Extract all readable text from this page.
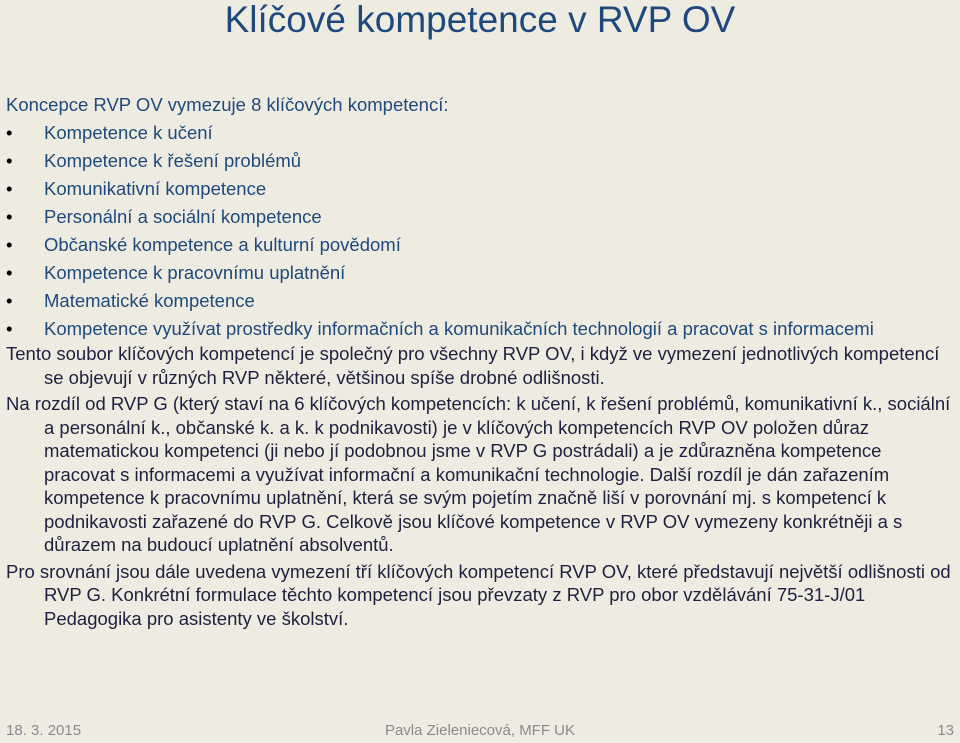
Klíčové kompetence v RVP OV
Koncepce RVP OV vymezuje 8 klíčových kompetencí:
• Kompetence k učení
• Kompetence k řešení problémů
• Komunikativní kompetence
• Personální a sociální kompetence
• Občanské kompetence a kulturní povědomí
• Kompetence k pracovnímu uplatnění
• Matematické kompetence
• Kompetence využívat prostředky informačních a komunikačních technologií a pracovat s informacemi
Tento soubor klíčových kompetencí je společný pro všechny RVP OV, i když ve vymezení jednotlivých kompetencí se objevují v různých RVP některé, většinou spíše drobné odlišnosti.
Na rozdíl od RVP G (který staví na 6 klíčových kompetencích: k učení, k řešení problémů, komunikativní k., sociální a personální k., občanské k. a k. k podnikavosti) je v klíčových kompetencích RVP OV položen důraz matematickou kompetenci (ji nebo jí podobnou jsme v RVP G postrádali) a je zdůrazněna kompetence pracovat s informacemi a využívat informační a komunikační technologie. Další rozdíl je dán zařazením kompetence k pracovnímu uplatnění, která se svým pojetím značně liší v porovnání mj. s kompetencí k podnikavosti zařazené do RVP G. Celkově jsou klíčové kompetence v RVP OV vymezeny konkrétněji a s důrazem na budoucí uplatnění absolventů.
Pro srovnání jsou dále uvedena vymezení tří klíčových kompetencí RVP OV, které představují největší odlišnosti od RVP G. Konkrétní formulace těchto kompetencí jsou převzaty z RVP pro obor vzdělávání 75-31-J/01 Pedagogika pro asistenty ve školství.
18. 3. 2015	Pavla Zieleniecová, MFF UK	13
